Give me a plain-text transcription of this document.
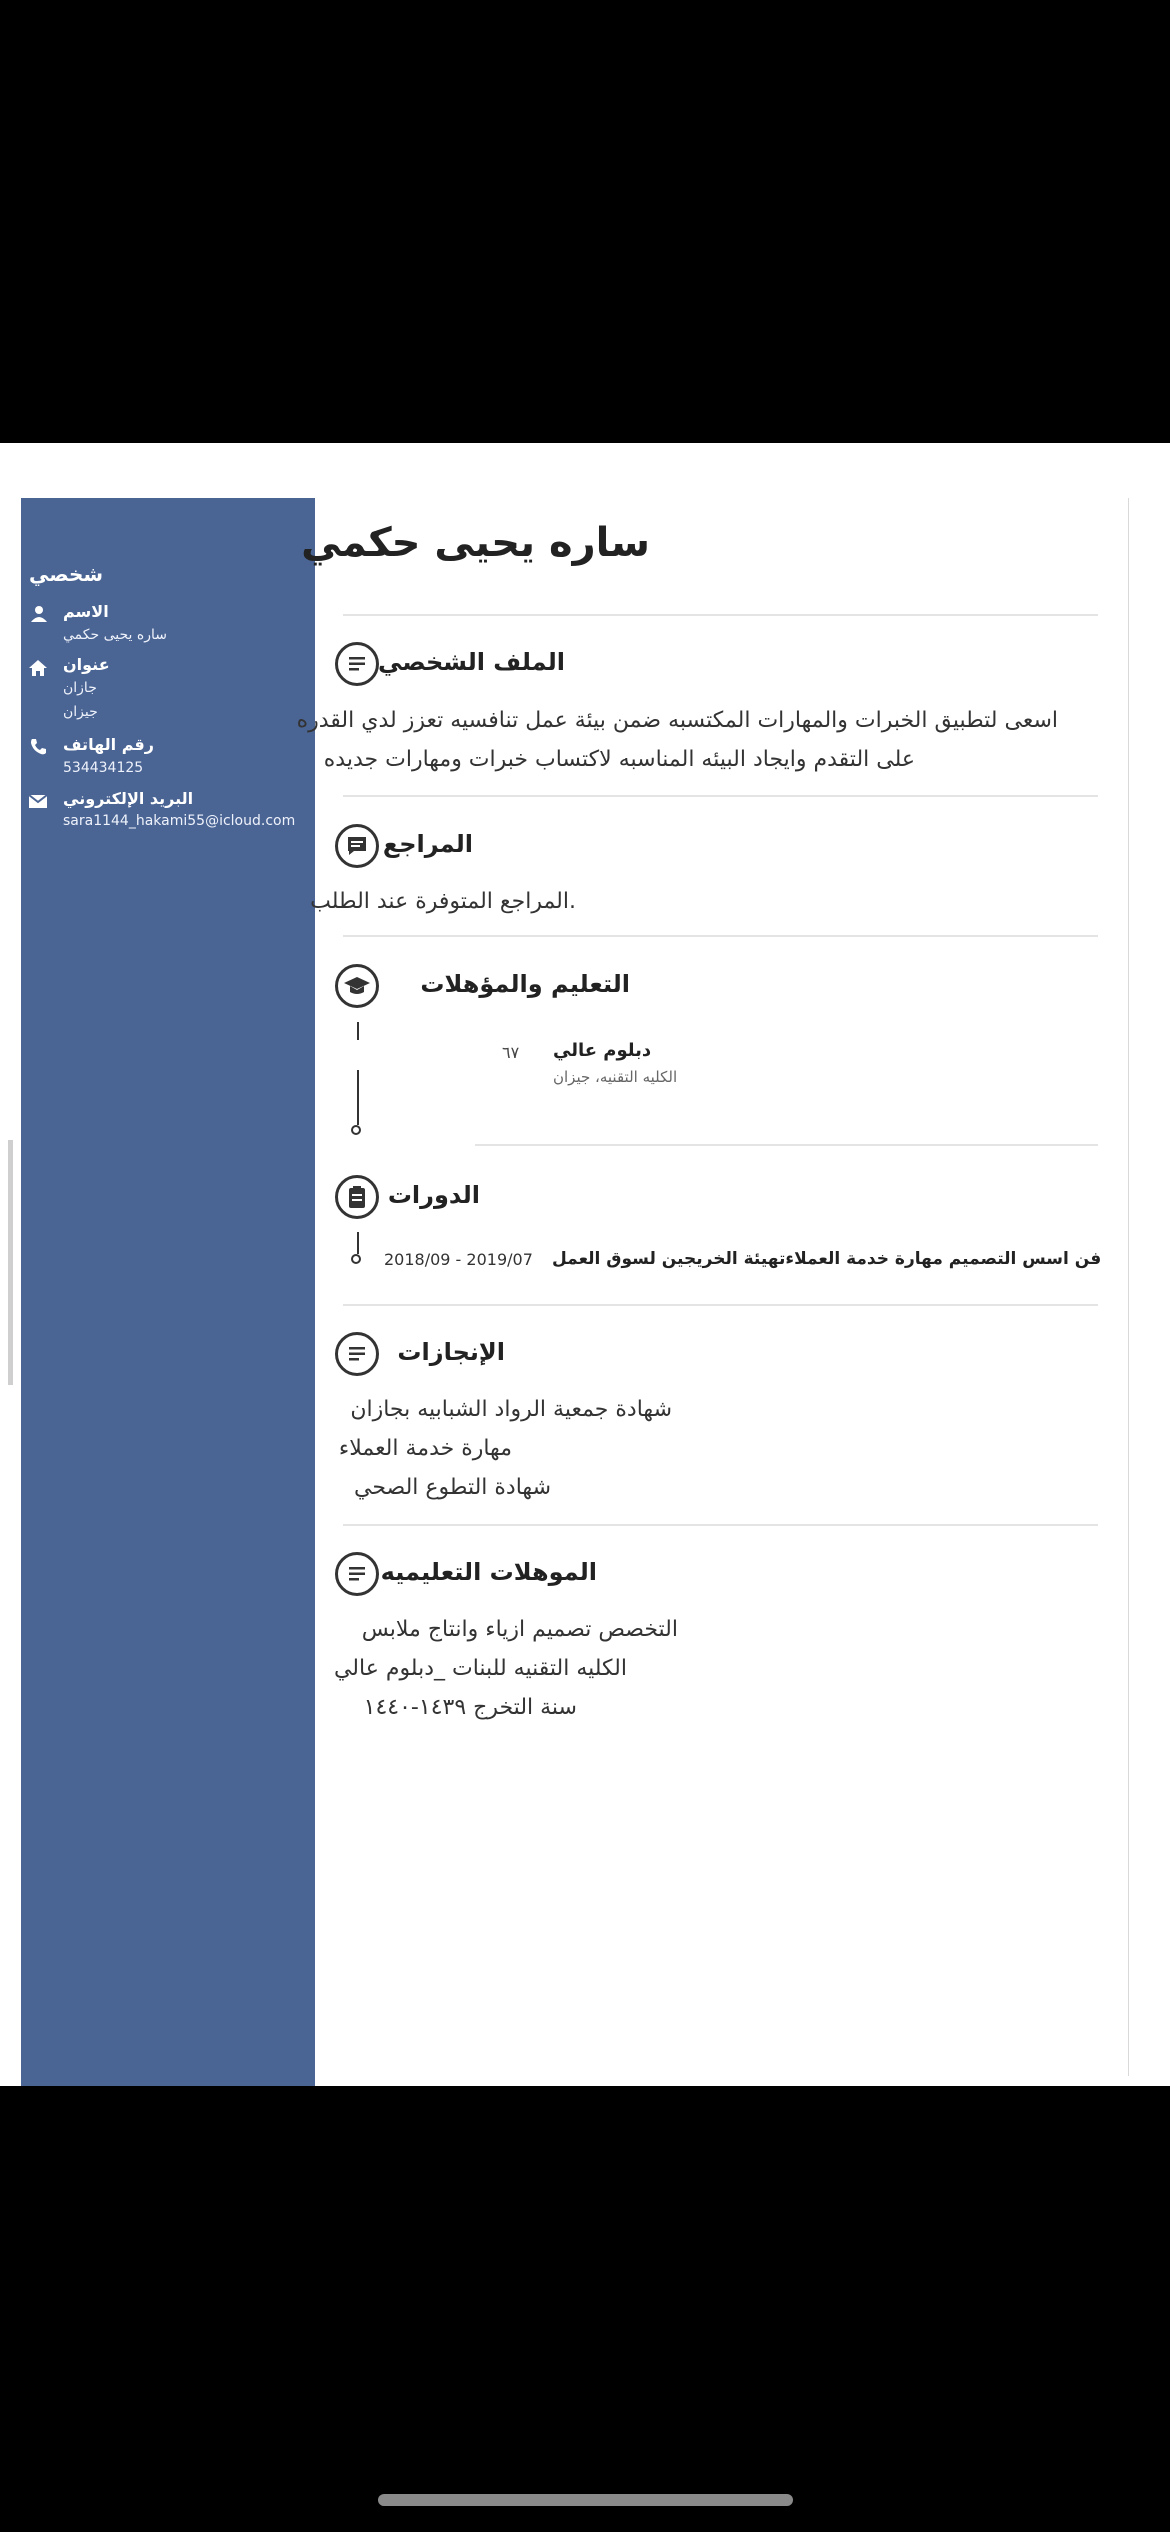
شخصي
الاسم
ساره يحيى حكمي
عنوان
جازان
جيزان
رقم الهاتف
534434125
البريد الإلكتروني
sara1144_hakami55@icloud.com
ساره يحيى حكمي
الملف الشخصي
اسعى لتطبيق الخبرات والمهارات المكتسبه ضمن بيئة عمل تنافسيه تعزز لدي القدره
على التقدم وايجاد البيئه المناسبه لاكتساب خبرات ومهارات جديده
المراجع
.المراجع المتوفرة عند الطلب
التعليم والمؤهلات
دبلوم عالي
٦٧
الكليه التقنيه، جيزان
الدورات
2018/09 - 2019/07 فن اسس التصميم مهارة خدمة العملاءتهيئة الخريجين لسوق العمل
الإنجازات
شهادة جمعية الرواد الشبابيه بجازان
مهارة خدمة العملاء
شهادة التطوع الصحي
الموهلات التعليميه
التخصص تصميم ازياء وانتاج ملابس
الكليه التقنيه للبنات _دبلوم عالي
سنة التخرج ١٤٣٩-١٤٤٠
